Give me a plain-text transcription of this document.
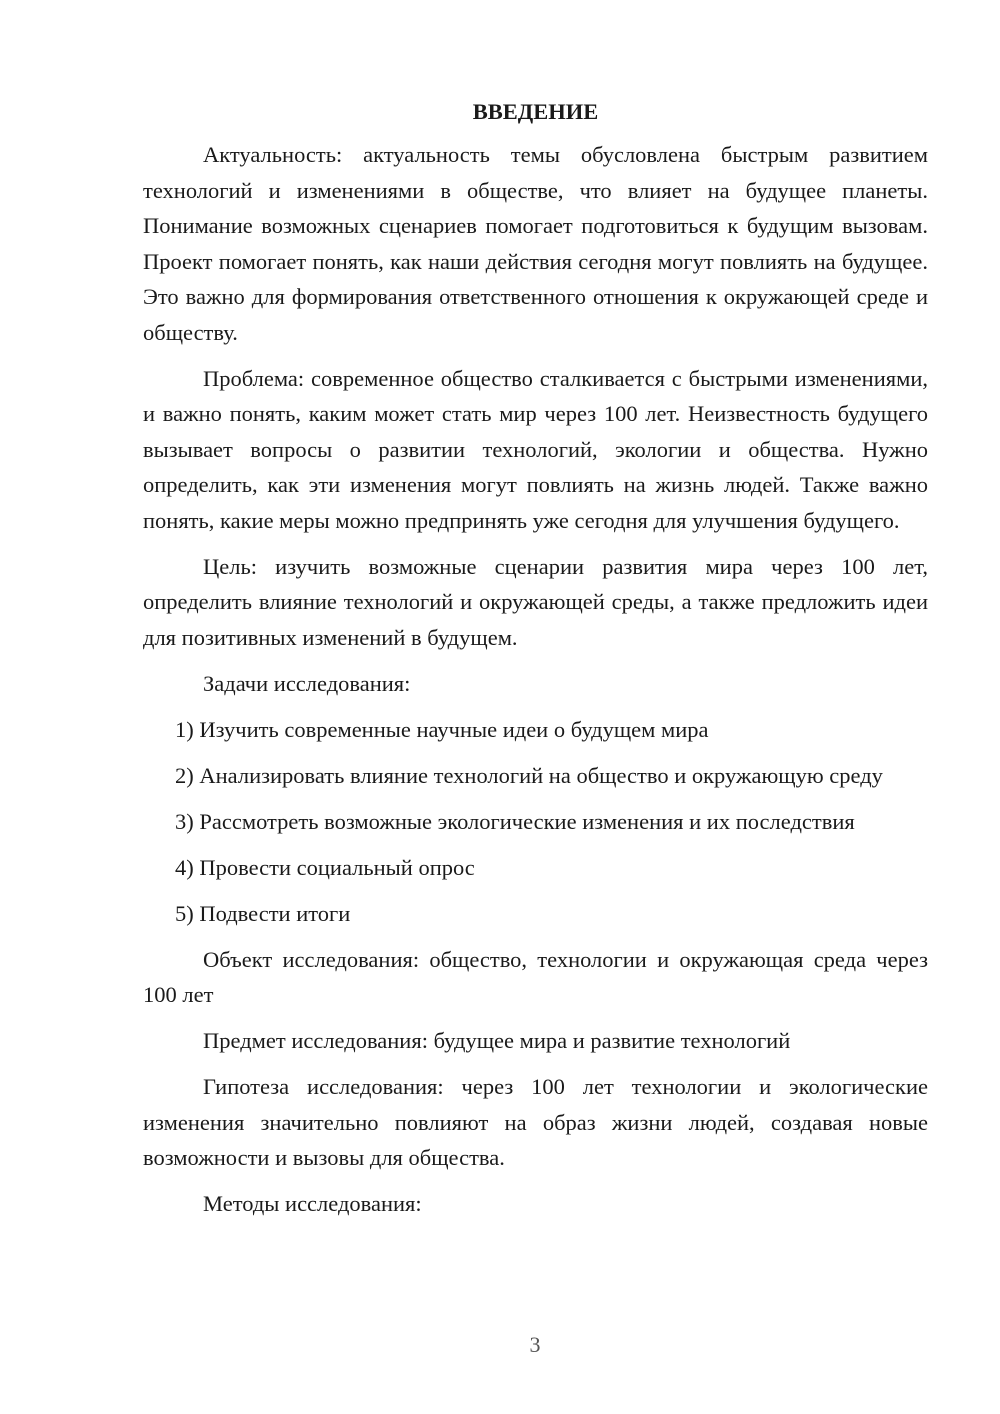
ВВЕДЕНИЕ

Актуальность: актуальность темы обусловлена быстрым развитием технологий и изменениями в обществе, что влияет на будущее планеты. Понимание возможных сценариев помогает подготовиться к будущим вызовам. Проект помогает понять, как наши действия сегодня могут повлиять на будущее. Это важно для формирования ответственного отношения к окружающей среде и обществу.

Проблема: современное общество сталкивается с быстрыми изменениями, и важно понять, каким может стать мир через 100 лет. Неизвестность будущего вызывает вопросы о развитии технологий, экологии и общества. Нужно определить, как эти изменения могут повлиять на жизнь людей. Также важно понять, какие меры можно предпринять уже сегодня для улучшения будущего.

Цель: изучить возможные сценарии развития мира через 100 лет, определить влияние технологий и окружающей среды, а также предложить идеи для позитивных изменений в будущем.

Задачи исследования:

1) Изучить современные научные идеи о будущем мира

2) Анализировать влияние технологий на общество и окружающую среду

3) Рассмотреть возможные экологические изменения и их последствия

4) Провести социальный опрос

5) Подвести итоги

Объект исследования: общество, технологии и окружающая среда через 100 лет

Предмет исследования: будущее мира и развитие технологий

Гипотеза исследования: через 100 лет технологии и экологические изменения значительно повлияют на образ жизни людей, создавая новые возможности и вызовы для общества.

Методы исследования:

3
